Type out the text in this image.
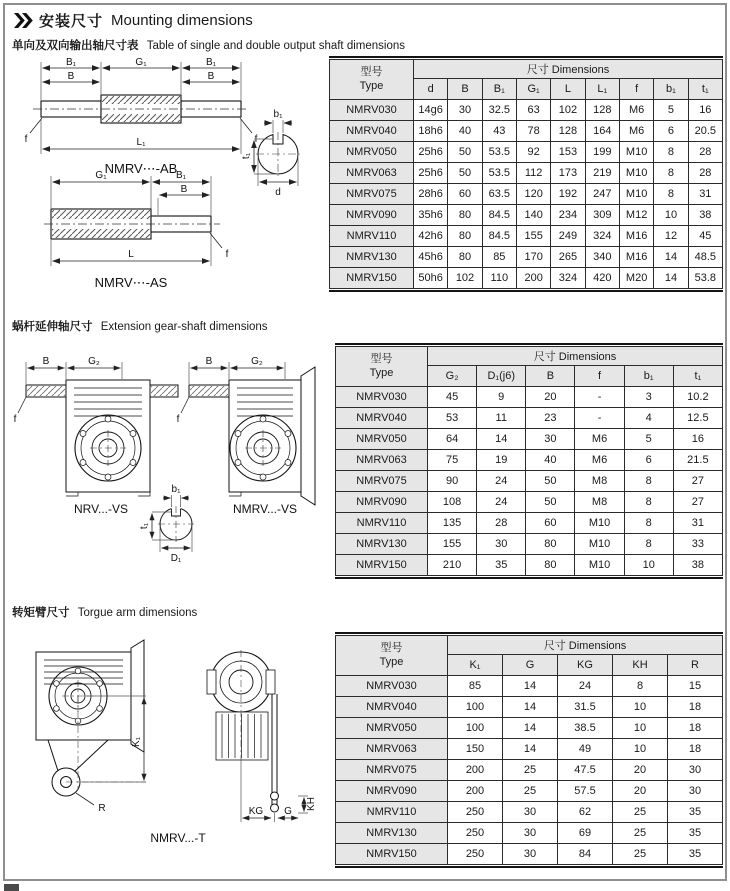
安装尺寸 Mounting dimensions
单向及双向输出轴尺寸表 Table of single and double output shaft dimensions
B₁	G₁	B₁
B	B
L₁
f	f
NMRV⋯-AB
b₁
t₁
d
G₁	B₁
B
L	f
NMRV⋯-AS
型号
Type	尺寸 Dimensions								
	d	B	B₁	G₁	L	L₁	f	b₁	t₁
NMRV030	14g6	30	32.5	63	102	128	M6	5	16
NMRV040	18h6	40	43	78	128	164	M6	6	20.5
NMRV050	25h6	50	53.5	92	153	199	M10	8	28
NMRV063	25h6	50	53.5	112	173	219	M10	8	28
NMRV075	28h6	60	63.5	120	192	247	M10	8	31
NMRV090	35h6	80	84.5	140	234	309	M12	10	38
NMRV110	42h6	80	84.5	155	249	324	M16	12	45
NMRV130	45h6	80	85	170	265	340	M16	14	48.5
NMRV150	50h6	102	110	200	324	420	M20	14	53.8
蜗杆延伸轴尺寸 Extension gear-shaft dimensions
B	G₂
f
NRV...-VS
B	G₂
f
NMRV...-VS
b₁
t₁
D₁
型号
Type	尺寸 Dimensions					
	G₂	D₁(j6)	B	f	b₁	t₁
NMRV030	45	9	20	-	3	10.2
NMRV040	53	11	23	-	4	12.5
NMRV050	64	14	30	M6	5	16
NMRV063	75	19	40	M6	6	21.5
NMRV075	90	24	50	M8	8	27
NMRV090	108	24	50	M8	8	27
NMRV110	135	28	60	M10	8	31
NMRV130	155	30	80	M10	8	33
NMRV150	210	35	80	M10	10	38
转矩臂尺寸 Torgue arm dimensions
K₁
R	KG G
KH
NMRV...-T
型号
Type	尺寸 Dimensions				
	K₁	G	KG	KH	R
NMRV030	85	14	24	8	15
NMRV040	100	14	31.5	10	18
NMRV050	100	14	38.5	10	18
NMRV063	150	14	49	10	18
NMRV075	200	25	47.5	20	30
NMRV090	200	25	57.5	20	30
NMRV110	250	30	62	25	35
NMRV130	250	30	69	25	35
NMRV150	250	30	84	25	35
